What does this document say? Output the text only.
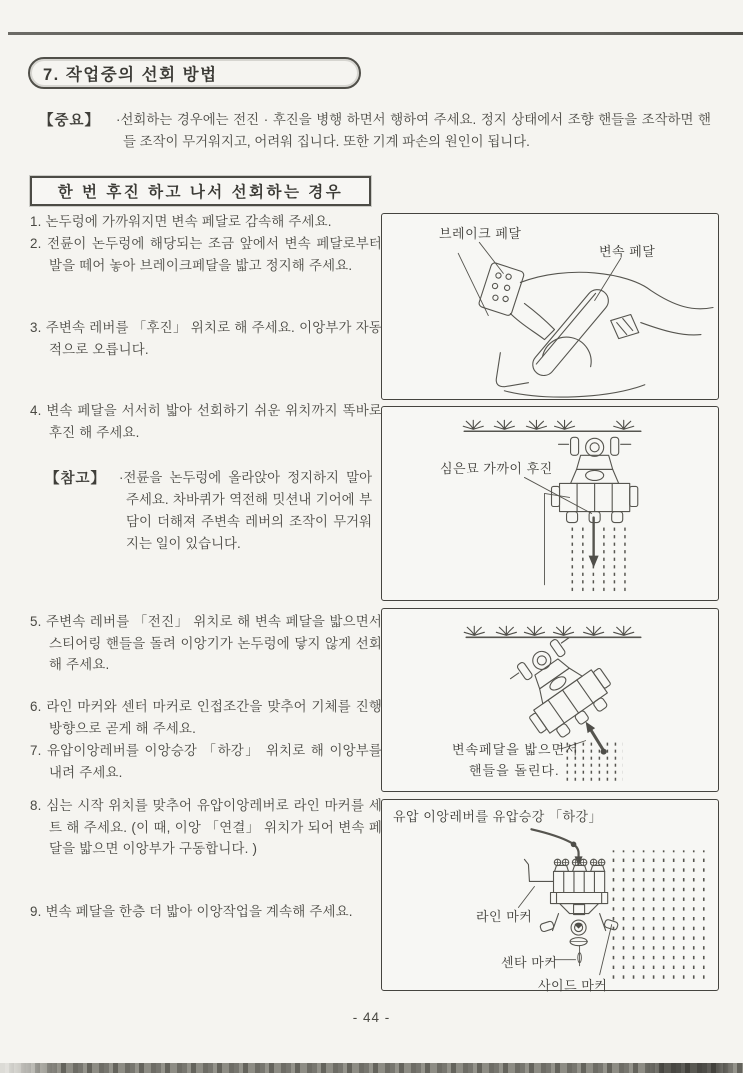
7. 작업중의 선회 방법
【중요】 ·선회하는 경우에는 전진 · 후진을 병행 하면서 행하여 주세요. 정지 상태에서 조향 핸들을 조작하면 핸들 조작이 무거워지고, 어려워 집니다. 또한 기계 파손의 원인이 됩니다.
한 번 후진 하고 나서 선회하는 경우
1. 논두렁에 가까워지면 변속 페달로 감속해 주세요.
2. 전륜이 논두렁에 해당되는 조금 앞에서 변속 페달로부터 발을 떼어 놓아 브레이크페달을 밟고 정지해 주세요.
3. 주변속 레버를 「후진」 위치로 해 주세요. 이앙부가 자동적으로 오릅니다.
4. 변속 페달을 서서히 밟아 선회하기 쉬운 위치까지 똑바로 후진 해 주세요.
【참고】 ·전륜을 논두렁에 올라앉아 정지하지 말아 주세요. 차바퀴가 역전해 밋션내 기어에 부담이 더해져 주변속 레버의 조작이 무거워지는 일이 있습니다.
5. 주변속 레버를 「전진」 위치로 해 변속 페달을 밟으면서 스티어링 핸들을 돌려 이앙기가 논두렁에 닿지 않게 선회해 주세요.
6. 라인 마커와 센터 마커로 인접조간을 맞추어 기체를 진행 방향으로 곧게 해 주세요.
7. 유압이앙레버를 이앙승강 「하강」 위치로 해 이앙부를 내려 주세요.
8. 심는 시작 위치를 맞추어 유압이앙레버로 라인 마커를 세트 해 주세요. (이 때, 이앙 「연결」 위치가 되어 변속 페달을 밟으면 이앙부가 구동합니다. )
9. 변속 페달을 한층 더 밟아 이앙작업을 계속해 주세요.
브레이크 페달
변속 페달
심은묘 가까이 후진
변속페달을 밟으면서
핸들을 돌린다.
유압 이앙레버를 유압승강 「하강」
라인 마커
센타 마커
사이드 마커
- 44 -
